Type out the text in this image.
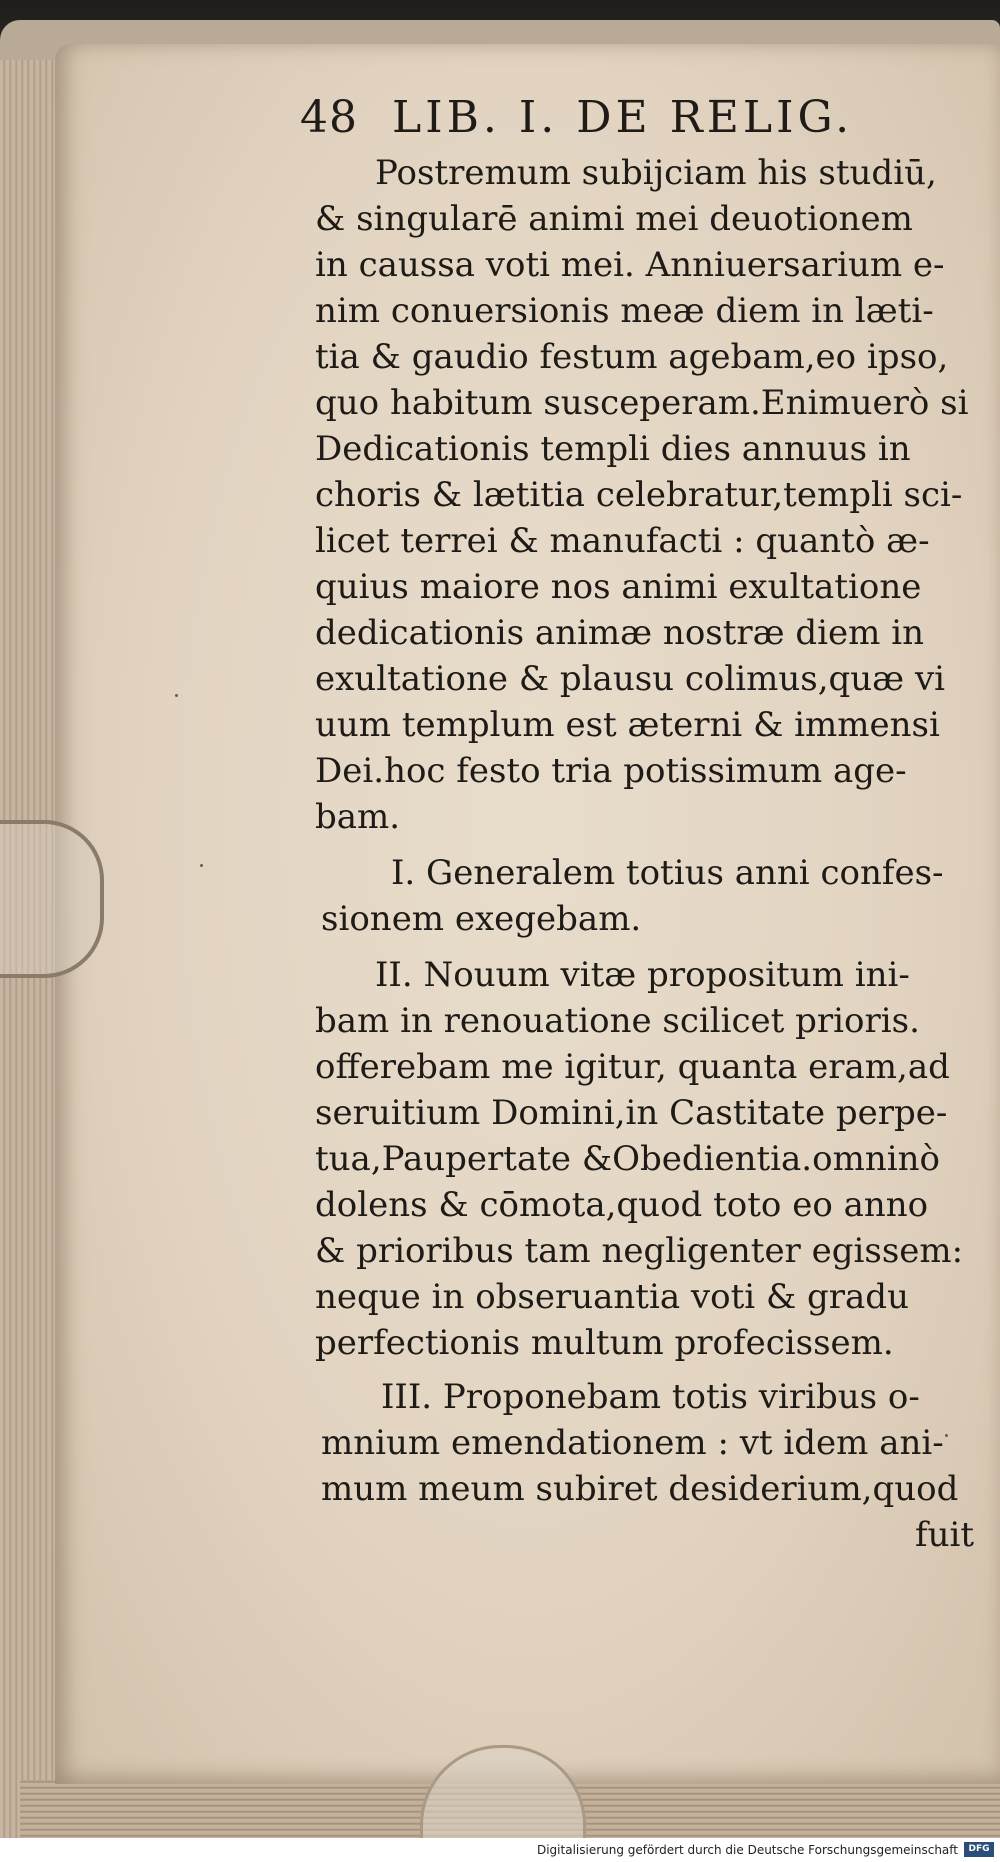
48 LIB. I. DE RELIG.
Postremum subijciam his studiū,
& singularē animi mei deuotionem
in caussa voti mei. Anniuersarium e-
nim conuersionis meæ diem in læti-
tia & gaudio festum agebam,eo ipso,
quo habitum susceperam.Enimuerò si
Dedicationis templi dies annuus in
choris & lætitia celebratur,templi sci-
licet terrei & manufacti : quantò æ-
quius maiore nos animi exultatione
dedicationis animæ nostræ diem in
exultatione & plausu colimus,quæ vi
uum templum est æterni & immensi
Dei.hoc festo tria potissimum age-
bam.
I. Generalem totius anni confes-
sionem exegebam.
II. Nouum vitæ propositum ini-
bam in renouatione scilicet prioris.
offerebam me igitur, quanta eram,ad
seruitium Domini,in Castitate perpe-
tua,Paupertate &Obedientia.omninò
dolens & cōmota,quod toto eo anno
& prioribus tam negligenter egissem:
neque in obseruantia voti & gradu
perfectionis multum profecissem.
III. Proponebam totis viribus o-
mnium emendationem : vt idem ani-
mum meum subiret desiderium,quod
fuit
Digitalisierung gefördert durch die Deutsche Forschungsgemeinschaft	DFG
